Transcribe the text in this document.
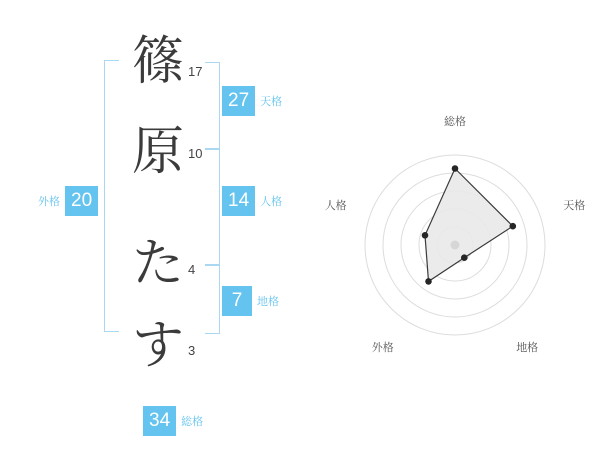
篠
原
た
す
17
10
4
3
27	天格
14	人格
7	地格
20
外格
34	総格
総格
天格
地格
外格
人格
